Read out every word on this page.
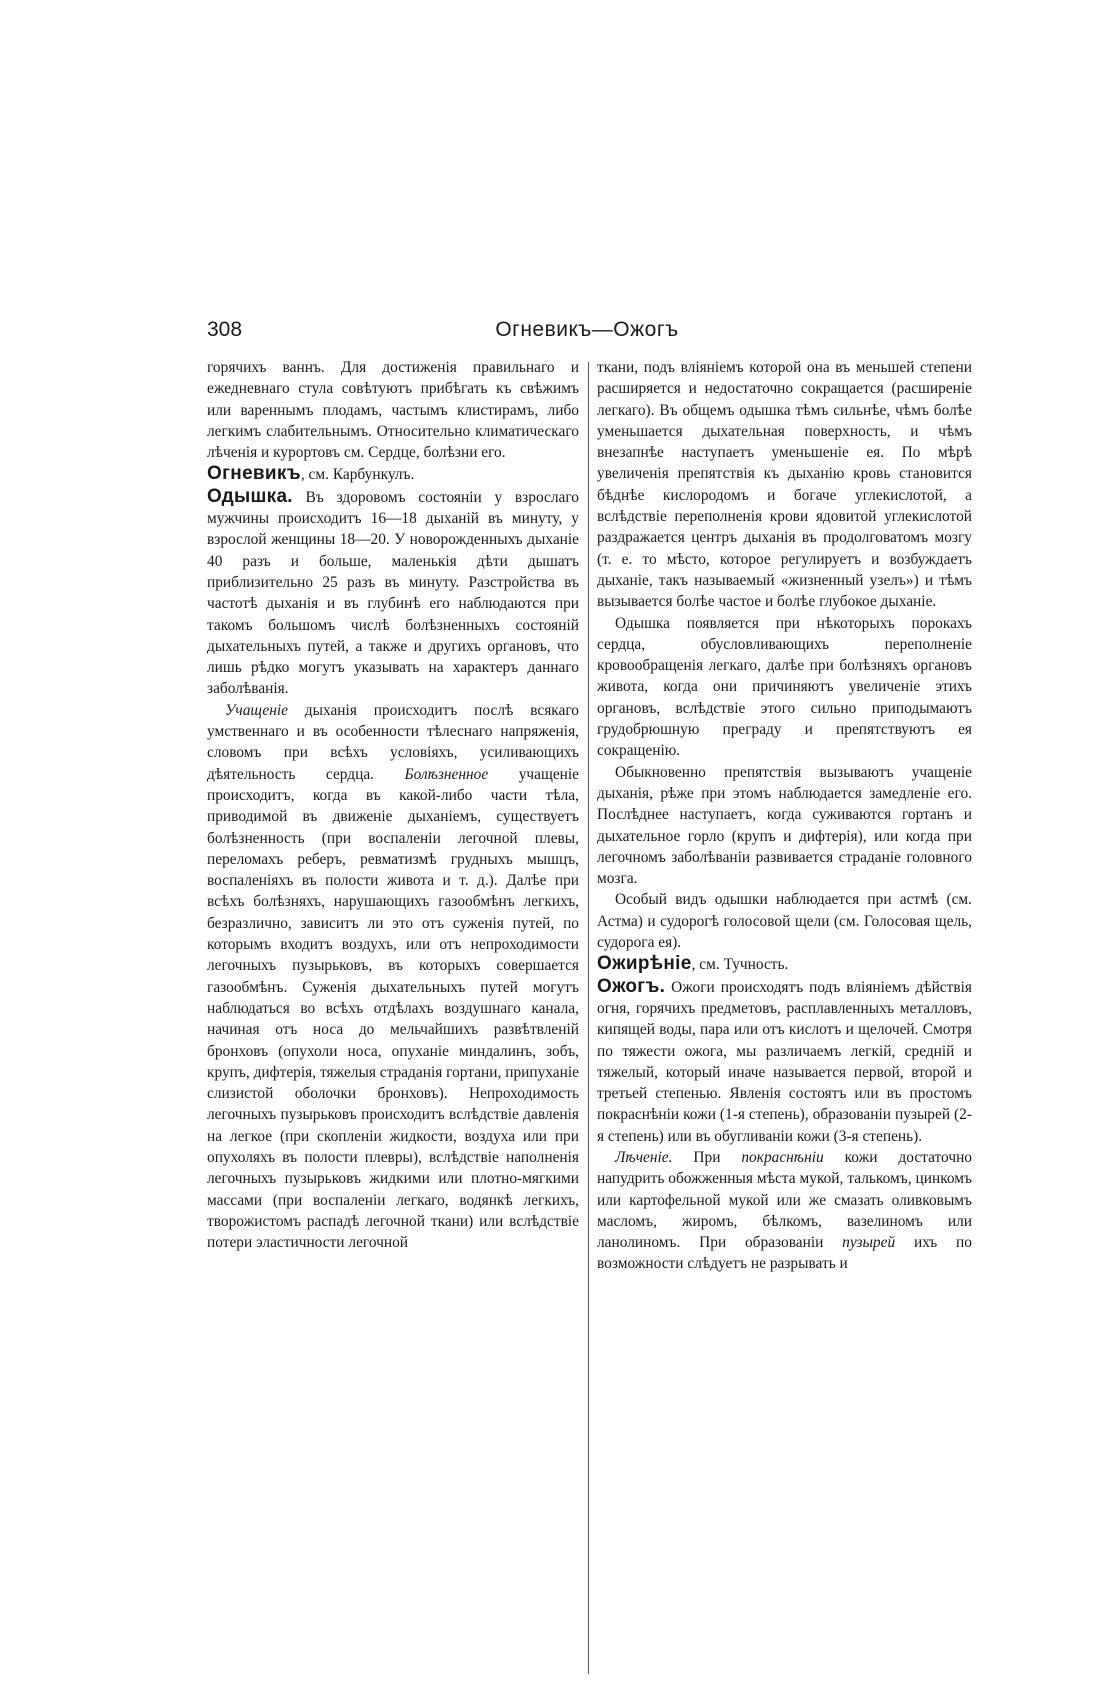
308	Огневикъ—Ожогъ

горячихъ ваннъ. Для достиженія правильнаго и ежедневнаго стула совѣтуютъ прибѣгать къ свѣжимъ или вареннымъ плодамъ, частымъ клистирамъ, либо легкимъ слабительнымъ. Относительно климатическаго лѣченія и курортовъ см. Сердце, болѣзни его.

Огневикъ, см. Карбункулъ.

Одышка. Въ здоровомъ состояніи у взрослаго мужчины происходитъ 16—18 дыханій въ минуту, у взрослой женщины 18—20. У новорожденныхъ дыханіе 40 разъ и больше, маленькія дѣти дышатъ приблизительно 25 разъ въ минуту. Разстройства въ частотѣ дыханія и въ глубинѣ его наблюдаются при такомъ большомъ числѣ болѣзненныхъ состояній дыхательныхъ путей, а также и другихъ органовъ, что лишь рѣдко могутъ указывать на характеръ даннаго заболѣванія.

Учащеніе дыханія происходитъ послѣ всякаго умственнаго и въ особенности тѣлеснаго напряженія, словомъ при всѣхъ условіяхъ, усиливающихъ дѣятельность сердца. Болѣзненное учащеніе происходитъ, когда въ какой-либо части тѣла, приводимой въ движеніе дыханіемъ, существуетъ болѣзненность (при воспаленіи легочной плевы, переломахъ реберъ, ревматизмѣ грудныхъ мышцъ, воспаленіяхъ въ полости живота и т. д.). Далѣе при всѣхъ болѣзняхъ, нарушающихъ газообмѣнъ легкихъ, безразлично, зависитъ ли это отъ суженія путей, по которымъ входитъ воздухъ, или отъ непроходимости легочныхъ пузырьковъ, въ которыхъ совершается газообмѣнъ. Суженія дыхательныхъ путей могутъ наблюдаться во всѣхъ отдѣлахъ воздушнаго канала, начиная отъ носа до мельчайшихъ развѣтвленій бронховъ (опухоли носа, опуханіе миндалинъ, зобъ, крупъ, дифтерія, тяжелыя страданія гортани, припуханіе слизистой оболочки бронховъ). Непроходимость легочныхъ пузырьковъ происходитъ вслѣдствіе давленія на легкое (при скопленіи жидкости, воздуха или при опухоляхъ въ полости плевры), вслѣдствіе наполненія легочныхъ пузырьковъ жидкими или плотно-мягкими массами (при воспаленіи легкаго, водянкѣ легкихъ, творожистомъ распадѣ легочной ткани) или вслѣдствіе потери эластичности легочной

ткани, подъ вліяніемъ которой она въ меньшей степени расширяется и недостаточно сокращается (расширеніе легкаго). Въ общемъ одышка тѣмъ сильнѣе, чѣмъ болѣе уменьшается дыхательная поверхность, и чѣмъ внезапнѣе наступаетъ уменьшеніе ея. По мѣрѣ увеличенія препятствія къ дыханію кровь становится бѣднѣе кислородомъ и богаче углекислотой, а вслѣдствіе переполненія крови ядовитой углекислотой раздражается центръ дыханія въ продолговатомъ мозгу (т. е. то мѣсто, которое регулируетъ и возбуждаетъ дыханіе, такъ называемый «жизненный узелъ») и тѣмъ вызывается болѣе частое и болѣе глубокое дыханіе.

Одышка появляется при нѣкоторыхъ порокахъ сердца, обусловливающихъ переполненіе кровообращенія легкаго, далѣе при болѣзняхъ органовъ живота, когда они причиняютъ увеличеніе этихъ органовъ, вслѣдствіе этого сильно приподымаютъ грудобрюшную преграду и препятствуютъ ея сокращенію.

Обыкновенно препятствія вызываютъ учащеніе дыханія, рѣже при этомъ наблюдается замедленіе его. Послѣднее наступаетъ, когда суживаются гортанъ и дыхательное горло (крупъ и дифтерія), или когда при легочномъ заболѣваніи развивается страданіе головного мозга.

Особый видъ одышки наблюдается при астмѣ (см. Астма) и судорогѣ голосовой щели (см. Голосовая щель, судорога ея).

Ожирѣніе, см. Тучность.

Ожогъ. Ожоги происходятъ подъ вліяніемъ дѣйствія огня, горячихъ предметовъ, расплавленныхъ металловъ, кипящей воды, пара или отъ кислотъ и щелочей. Смотря по тяжести ожога, мы различаемъ легкій, средній и тяжелый, который иначе называется первой, второй и третьей степенью. Явленія состоятъ или въ простомъ покраснѣніи кожи (1-я степень), образованіи пузырей (2-я степень) или въ обугливаніи кожи (3-я степень).

Лѣченіе. При покраснѣніи кожи достаточно напудрить обожженныя мѣста мукой, талькомъ, цинкомъ или картофельной мукой или же смазать оливковымъ масломъ, жиромъ, бѣлкомъ, вазелиномъ или ланолиномъ. При образованіи пузырей ихъ по возможности слѣдуетъ не разрывать и
